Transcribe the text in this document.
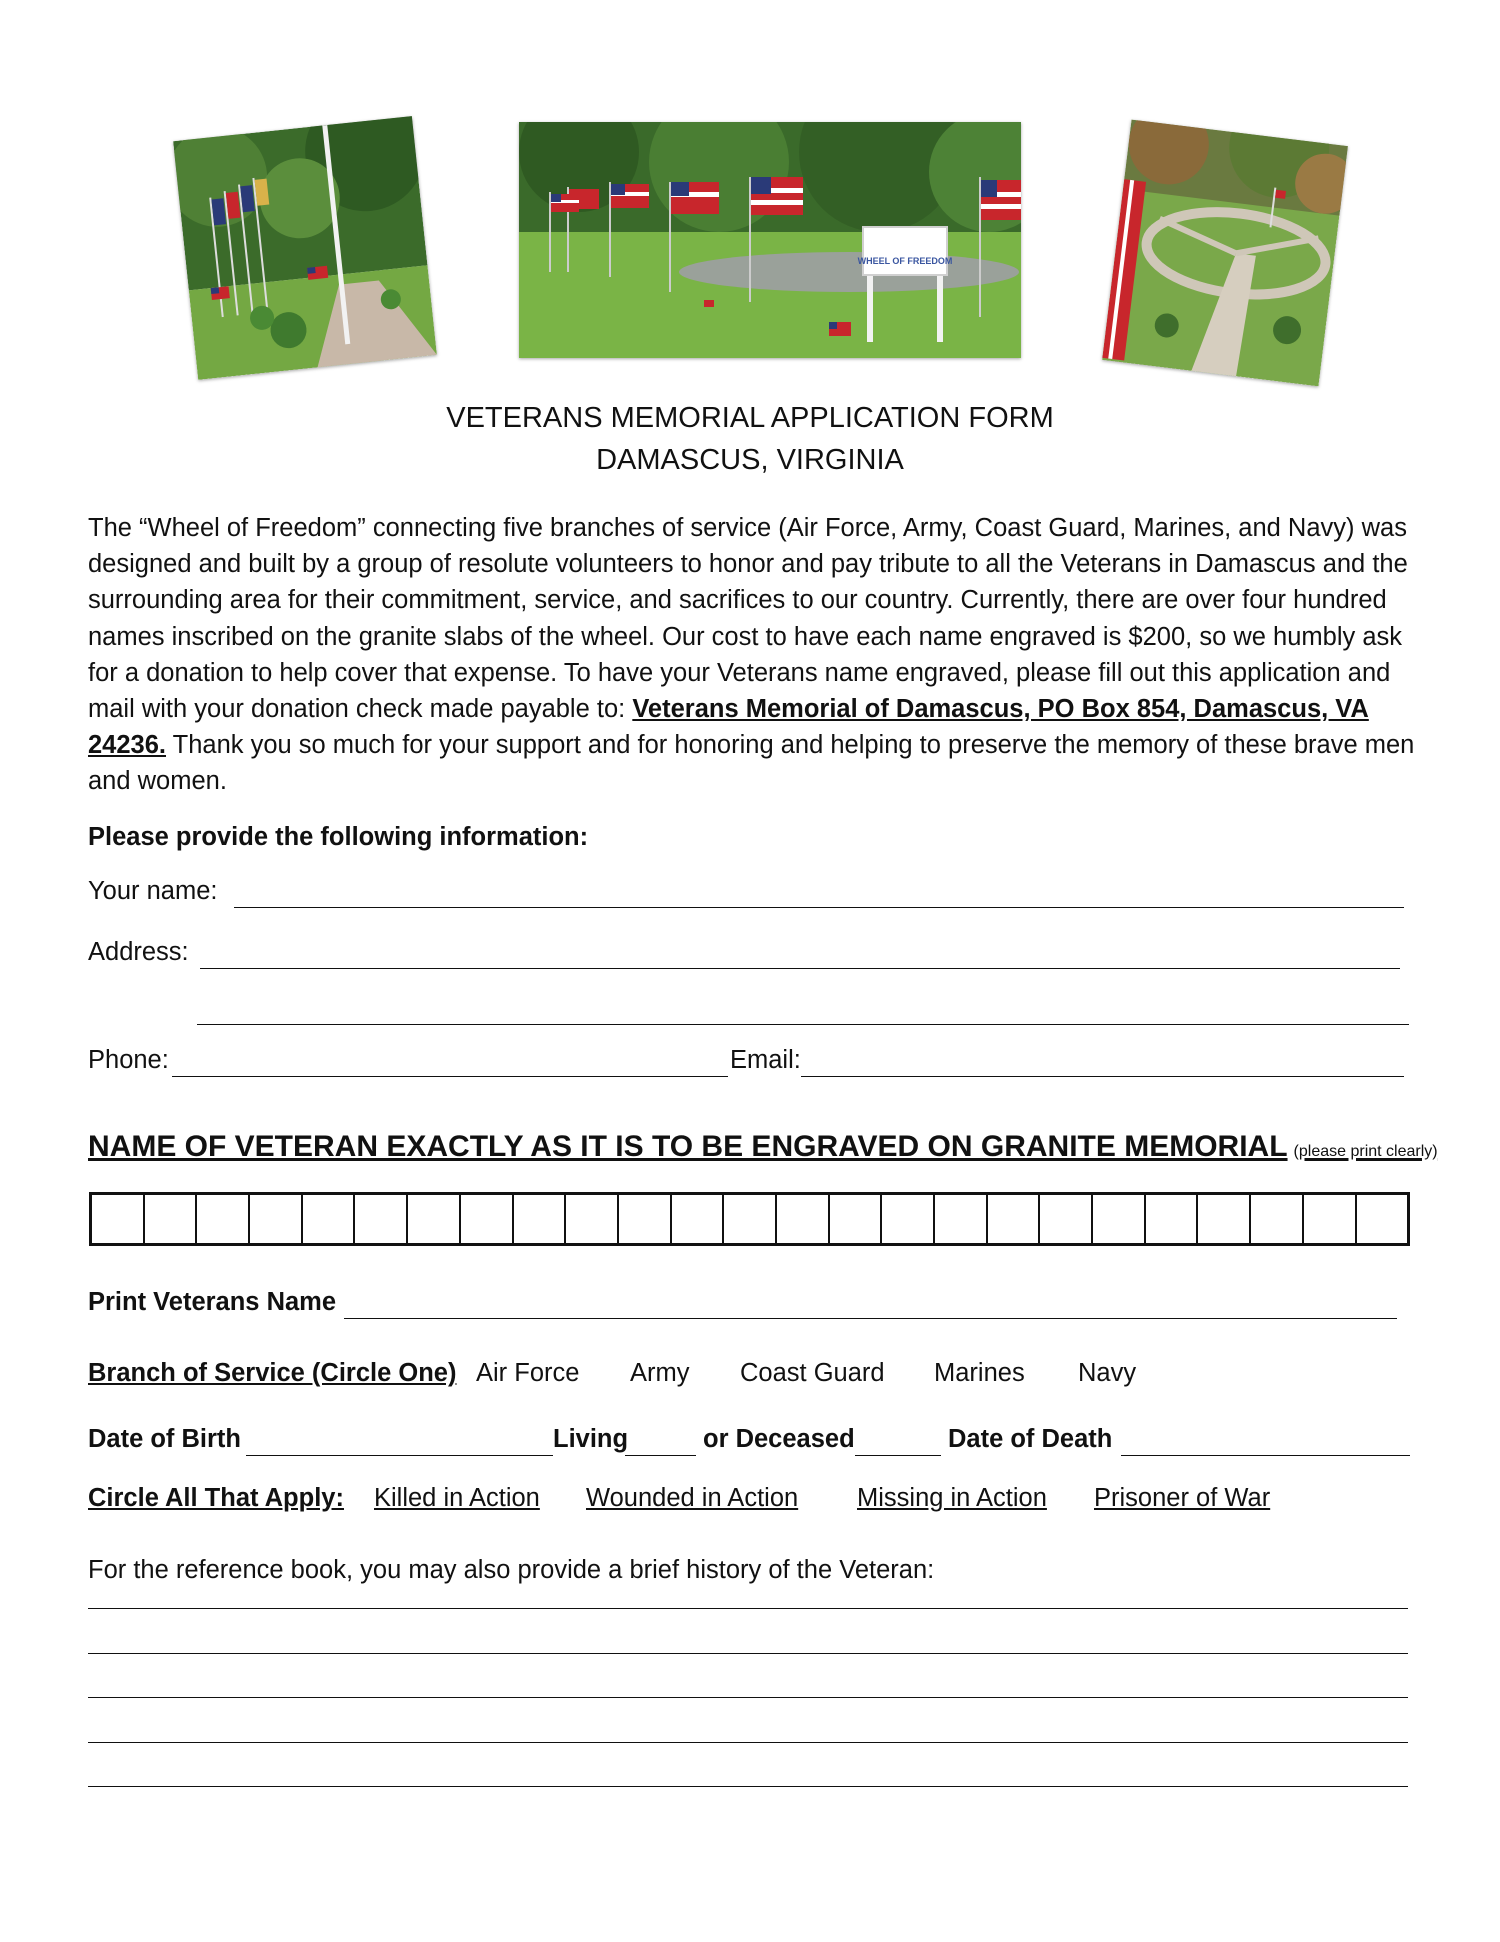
WHEEL OF FREEDOM
VETERANS MEMORIAL APPLICATION FORM
DAMASCUS, VIRGINIA
The “Wheel of Freedom” connecting five branches of service (Air Force, Army, Coast Guard, Marines, and Navy) was designed and built by a group of resolute volunteers to honor and pay tribute to all the Veterans in Damascus and the surrounding area for their commitment, service, and sacrifices to our country. Currently, there are over four hundred names inscribed on the granite slabs of the wheel. Our cost to have each name engraved is $200, so we humbly ask for a donation to help cover that expense. To have your Veterans name engraved, please fill out this application and mail with your donation check made payable to: Veterans Memorial of Damascus, PO Box 854, Damascus, VA 24236. Thank you so much for your support and for honoring and helping to preserve the memory of these brave men and women.
Please provide the following information:
Your name:
Address:
Phone:	Email:
NAME OF VETERAN EXACTLY AS IT IS TO BE ENGRAVED ON GRANITE MEMORIAL (please print clearly)
Print Veterans Name
Branch of Service (Circle One) Air Force Army Coast Guard Marines Navy
Date of Birth	Living	or Deceased	Date of Death
Circle All That Apply: Killed in Action Wounded in Action Missing in Action Prisoner of War
For the reference book, you may also provide a brief history of the Veteran:
